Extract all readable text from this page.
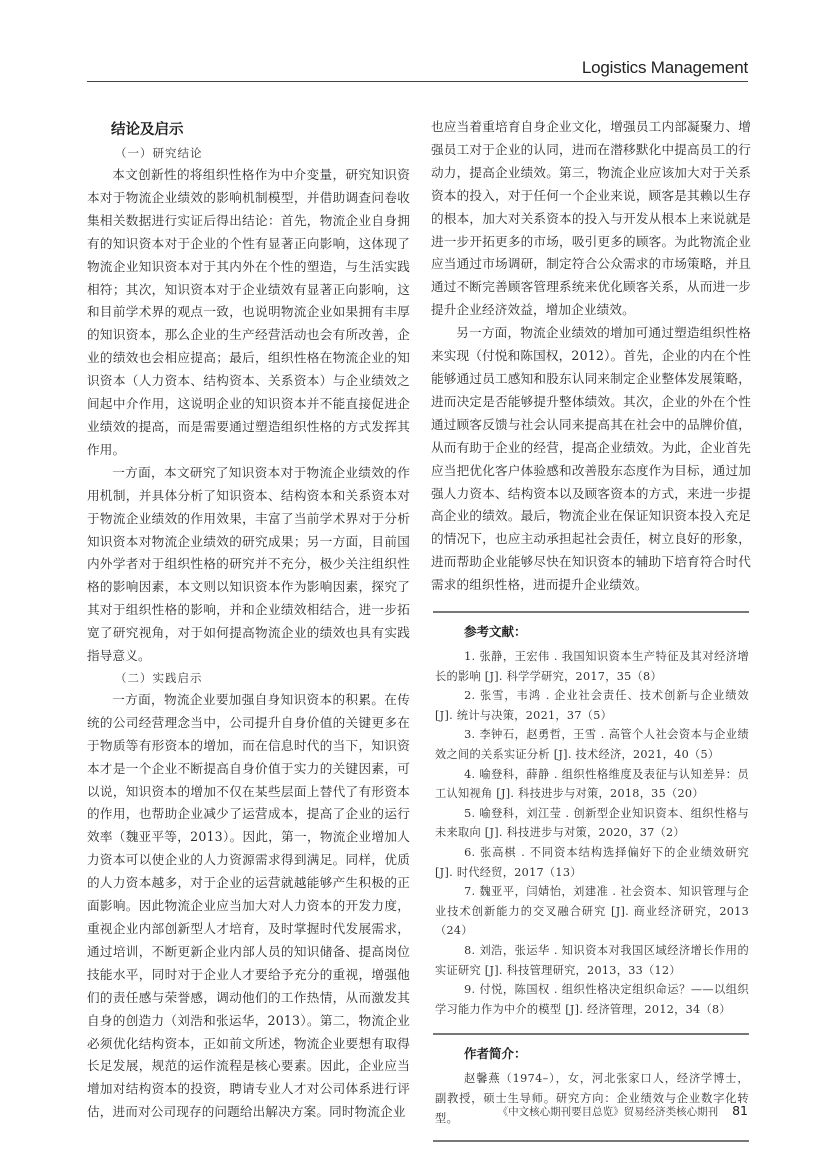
Logistics Management
结论及启示
（一）研究结论

本文创新性的将组织性格作为中介变量，研究知识资本对于物流企业绩效的影响机制模型，并借助调查问卷收集相关数据进行实证后得出结论：首先，物流企业自身拥有的知识资本对于企业的个性有显著正向影响，这体现了物流企业知识资本对于其内外在个性的塑造，与生活实践相符；其次，知识资本对于企业绩效有显著正向影响，这和目前学术界的观点一致，也说明物流企业如果拥有丰厚的知识资本，那么企业的生产经营活动也会有所改善，企业的绩效也会相应提高；最后，组织性格在物流企业的知识资本（人力资本、结构资本、关系资本）与企业绩效之间起中介作用，这说明企业的知识资本并不能直接促进企业绩效的提高，而是需要通过塑造组织性格的方式发挥其作用。

一方面，本文研究了知识资本对于物流企业绩效的作用机制，并具体分析了知识资本、结构资本和关系资本对于物流企业绩效的作用效果，丰富了当前学术界对于分析知识资本对物流企业绩效的研究成果；另一方面，目前国内外学者对于组织性格的研究并不充分，极少关注组织性格的影响因素，本文则以知识资本作为影响因素，探究了其对于组织性格的影响，并和企业绩效相结合，进一步拓宽了研究视角，对于如何提高物流企业的绩效也具有实践指导意义。

（二）实践启示

一方面，物流企业要加强自身知识资本的积累。在传统的公司经营理念当中，公司提升自身价值的关键更多在于物质等有形资本的增加，而在信息时代的当下，知识资本才是一个企业不断提高自身价值于实力的关键因素，可以说，知识资本的增加不仅在某些层面上替代了有形资本的作用，也帮助企业减少了运营成本，提高了企业的运行效率（魏亚平等，2013）。因此，第一，物流企业增加人力资本可以使企业的人力资源需求得到满足。同样，优质的人力资本越多，对于企业的运营就越能够产生积极的正面影响。因此物流企业应当加大对人力资本的开发力度，重视企业内部创新型人才培育，及时掌握时代发展需求，通过培训，不断更新企业内部人员的知识储备、提高岗位技能水平，同时对于企业人才要给予充分的重视，增强他们的责任感与荣誉感，调动他们的工作热情，从而激发其自身的创造力（刘浩和张运华，2013）。第二，物流企业必须优化结构资本，正如前文所述，物流企业要想有取得长足发展，规范的运作流程是核心要素。因此，企业应当增加对结构资本的投资，聘请专业人才对公司体系进行评估，进而对公司现存的问题给出解决方案。同时物流企业

也应当着重培育自身企业文化，增强员工内部凝聚力、增强员工对于企业的认同，进而在潜移默化中提高员工的行动力，提高企业绩效。第三，物流企业应该加大对于关系资本的投入，对于任何一个企业来说，顾客是其赖以生存的根本，加大对关系资本的投入与开发从根本上来说就是进一步开拓更多的市场，吸引更多的顾客。为此物流企业应当通过市场调研，制定符合公众需求的市场策略，并且通过不断完善顾客管理系统来优化顾客关系，从而进一步提升企业经济效益，增加企业绩效。

另一方面，物流企业绩效的增加可通过塑造组织性格来实现（付悦和陈国权，2012）。首先，企业的内在个性能够通过员工感知和股东认同来制定企业整体发展策略，进而决定是否能够提升整体绩效。其次，企业的外在个性通过顾客反馈与社会认同来提高其在社会中的品牌价值，从而有助于企业的经营，提高企业绩效。为此，企业首先应当把优化客户体验感和改善股东态度作为目标，通过加强人力资本、结构资本以及顾客资本的方式，来进一步提高企业的绩效。最后，物流企业在保证知识资本投入充足的情况下，也应主动承担起社会责任，树立良好的形象，进而帮助企业能够尽快在知识资本的辅助下培育符合时代需求的组织性格，进而提升企业绩效。

参考文献：
1. 张静，王宏伟 . 我国知识资本生产特征及其对经济增长的影响 [J]. 科学学研究，2017，35（8）
2. 张雪，韦鸿 . 企业社会责任、技术创新与企业绩效 [J]. 统计与决策，2021，37（5）
3. 李钟石，赵勇哲，王雪 . 高管个人社会资本与企业绩效之间的关系实证分析 [J]. 技术经济，2021，40（5）
4. 喻登科，薛静 . 组织性格维度及表征与认知差异：员工认知视角 [J]. 科技进步与对策，2018，35（20）
5. 喻登科，刘江莹 . 创新型企业知识资本、组织性格与未来取向 [J]. 科技进步与对策，2020，37（2）
6. 张高棋 . 不同资本结构选择偏好下的企业绩效研究 [J]. 时代经贸，2017（13）
7. 魏亚平，闫婧怡，刘建准 . 社会资本、知识管理与企业技术创新能力的交叉融合研究 [J]. 商业经济研究，2013（24）
8. 刘浩，张运华 . 知识资本对我国区域经济增长作用的实证研究 [J]. 科技管理研究，2013，33（12）
9. 付悦，陈国权 . 组织性格决定组织命运？——以组织学习能力作为中介的模型 [J]. 经济管理，2012，34（8）
作者简介：
赵馨燕（1974–），女，河北张家口人，经济学博士，副教授，硕士生导师。研究方向：企业绩效与企业数字化转型。	《中文核心期刊要目总览》贸易经济类核心期刊 81
